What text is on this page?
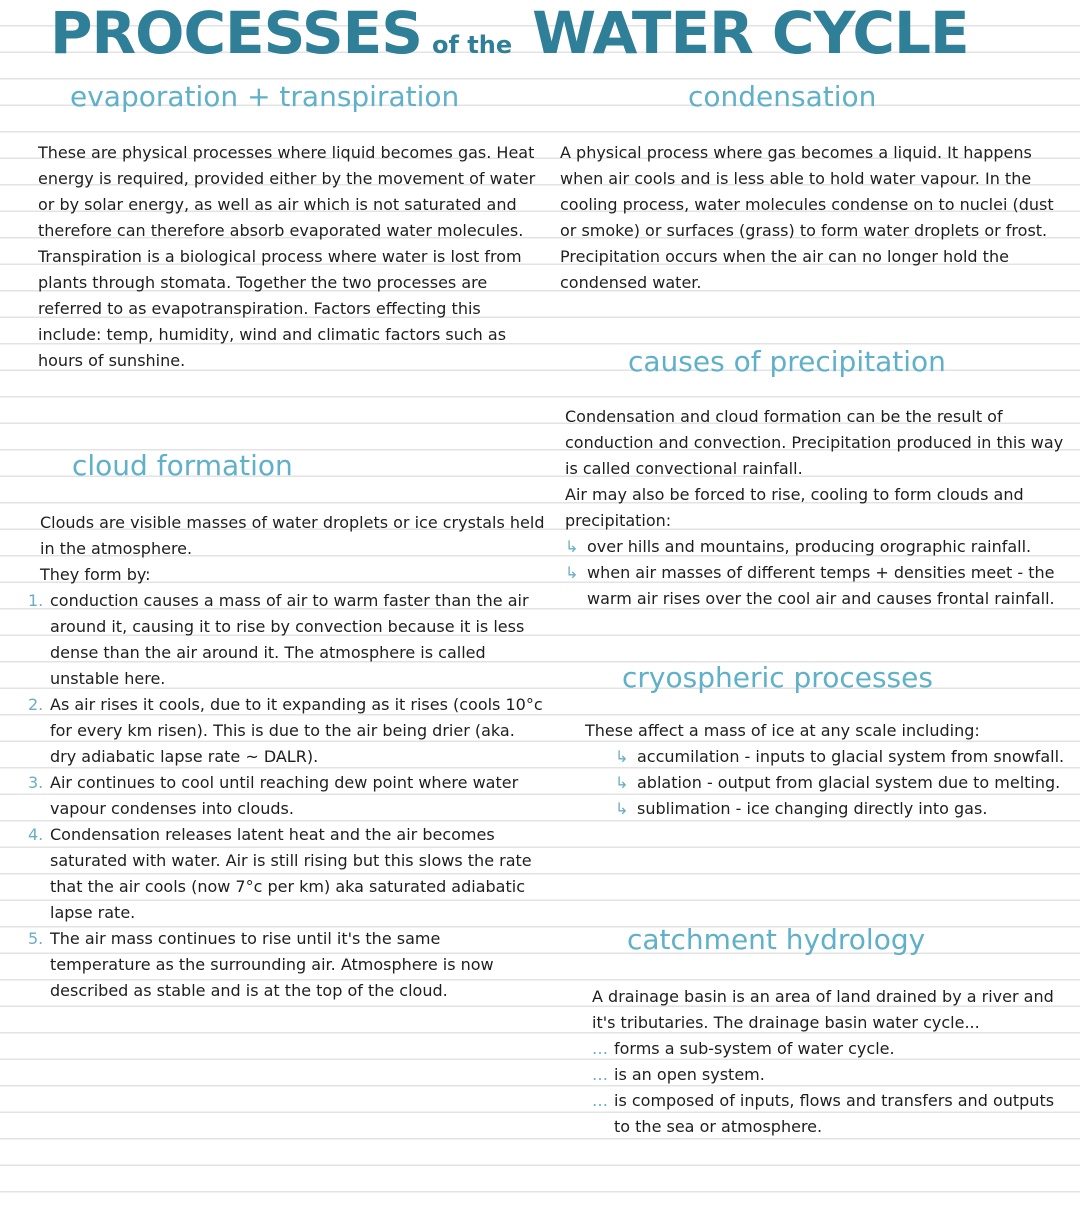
PROCESSES of the WATER CYCLE
evaporation + transpiration

These are physical processes where liquid becomes gas. Heat energy is required, provided either by the movement of water or by solar energy, as well as air which is not saturated and therefore can therefore absorb evaporated water molecules. Transpiration is a biological process where water is lost from plants through stomata. Together the two processes are referred to as evapotranspiration. Factors effecting this include: temp, humidity, wind and climatic factors such as hours of sunshine.

cloud formation

Clouds are visible masses of water droplets or ice crystals held in the atmosphere.

They form by:

1. conduction causes a mass of air to warm faster than the air around it, causing it to rise by convection because it is less dense than the air around it. The atmosphere is called unstable here.
2. As air rises it cools, due to it expanding as it rises (cools 10°c for every km risen). This is due to the air being drier (aka. dry adiabatic lapse rate ~ DALR).
3. Air continues to cool until reaching dew point where water vapour condenses into clouds.
4. Condensation releases latent heat and the air becomes saturated with water. Air is still rising but this slows the rate that the air cools (now 7°c per km) aka saturated adiabatic lapse rate.
5. The air mass continues to rise until it's the same temperature as the surrounding air. Atmosphere is now described as stable and is at the top of the cloud.
condensation

A physical process where gas becomes a liquid. It happens when air cools and is less able to hold water vapour. In the cooling process, water molecules condense on to nuclei (dust or smoke) or surfaces (grass) to form water droplets or frost. Precipitation occurs when the air can no longer hold the condensed water.

causes of precipitation

Condensation and cloud formation can be the result of conduction and convection. Precipitation produced in this way is called convectional rainfall.

Air may also be forced to rise, cooling to form clouds and precipitation:

↳ over hills and mountains, producing orographic rainfall.
↳ when air masses of different temps + densities meet - the warm air rises over the cool air and causes frontal rainfall.
cryospheric processes

These affect a mass of ice at any scale including:

↳ accumilation - inputs to glacial system from snowfall.
↳ ablation - output from glacial system due to melting.
↳ sublimation - ice changing directly into gas.
catchment hydrology

A drainage basin is an area of land drained by a river and it's tributaries. The drainage basin water cycle...

… forms a sub-system of water cycle.
… is an open system.
… is composed of inputs, flows and transfers and outputs to the sea or atmosphere.
